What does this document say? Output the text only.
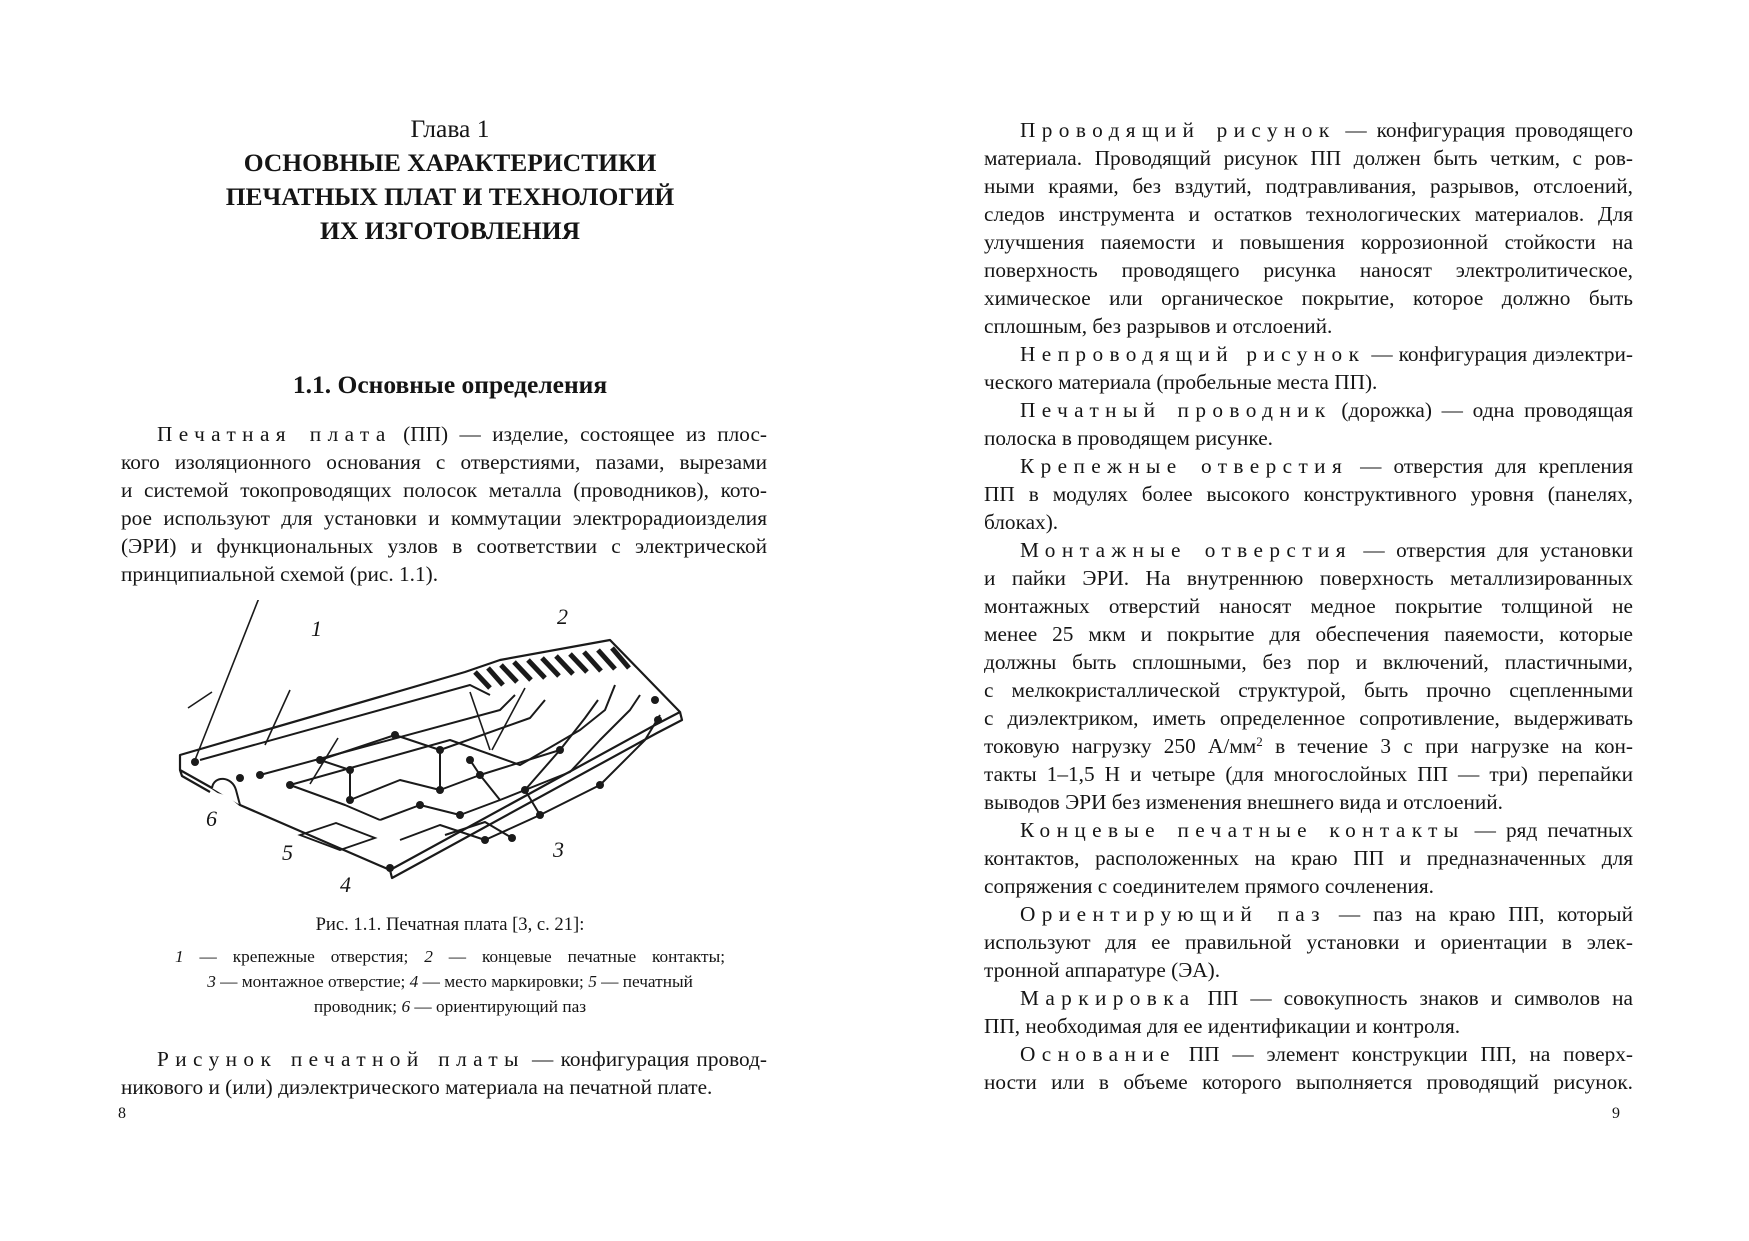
Глава 1
ОСНОВНЫЕ ХАРАКТЕРИСТИКИ
ПЕЧАТНЫХ ПЛАТ И ТЕХНОЛОГИЙ
ИХ ИЗГОТОВЛЕНИЯ
1.1. Основные определения
Печатная плата (ПП) — изделие, состоящее из плос-
кого изоляционного основания с отверстиями, пазами, вырезами
и системой токопроводящих полосок металла (проводников), кото-
рое используют для установки и коммутации электрорадиоизделия
(ЭРИ) и функциональных узлов в соответствии с электрической
принципиальной схемой (рис. 1.1).
1	2
3
4
5
6
Рис. 1.1. Печатная плата [3, с. 21]:
1 — крепежные отверстия; 2 — концевые печатные контакты;
3 — монтажное отверстие; 4 — место маркировки; 5 — печатный
проводник; 6 — ориентирующий паз
Рисунок печатной платы — конфигурация провод-
никового и (или) диэлектрического материала на печатной плате.
8
Проводящий рисунок — конфигурация проводящего
материала. Проводящий рисунок ПП должен быть четким, с ров-
ными краями, без вздутий, подтравливания, разрывов, отслоений,
следов инструмента и остатков технологических материалов. Для
улучшения паяемости и повышения коррозионной стойкости на
поверхность проводящего рисунка наносят электролитическое,
химическое или органическое покрытие, которое должно быть
сплошным, без разрывов и отслоений.
Непроводящий рисунок — конфигурация диэлектри-
ческого материала (пробельные места ПП).
Печатный проводник (дорожка) — одна проводящая
полоска в проводящем рисунке.
Крепежные отверстия — отверстия для крепления
ПП в модулях более высокого конструктивного уровня (панелях,
блоках).
Монтажные отверстия — отверстия для установки
и пайки ЭРИ. На внутреннюю поверхность металлизированных
монтажных отверстий наносят медное покрытие толщиной не
менее 25 мкм и покрытие для обеспечения паяемости, которые
должны быть сплошными, без пор и включений, пластичными,
с мелкокристаллической структурой, быть прочно сцепленными
с диэлектриком, иметь определенное сопротивление, выдерживать
токовую нагрузку 250 $А/мм^2$ в течение 3 с при нагрузке на кон-
такты 1–1,5 Н и четыре (для многослойных ПП — три) перепайки
выводов ЭРИ без изменения внешнего вида и отслоений.
Концевые печатные контакты — ряд печатных
контактов, расположенных на краю ПП и предназначенных для
сопряжения с соединителем прямого сочленения.
Ориентирующий паз — паз на краю ПП, который
используют для ее правильной установки и ориентации в элек-
тронной аппаратуре (ЭА).
Маркировка ПП — совокупность знаков и символов на
ПП, необходимая для ее идентификации и контроля.
Основание ПП — элемент конструкции ПП, на поверх-
ности или в объеме которого выполняется проводящий рисунок.
9
